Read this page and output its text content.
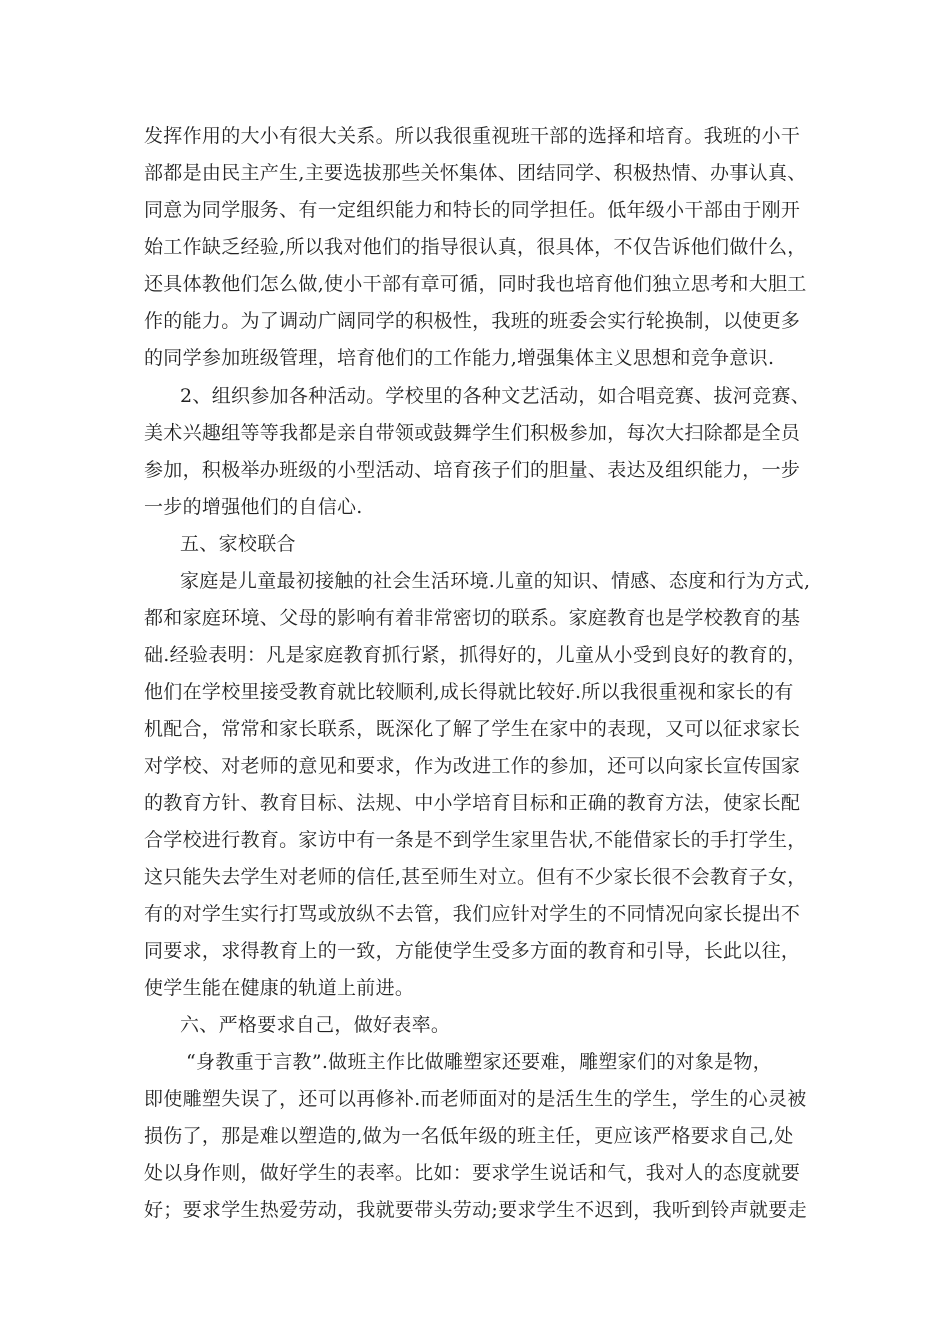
发挥作用的大小有很大关系。所以我很重视班干部的选择和培育。我班的小干
部都是由民主产生,主要选拔那些关怀集体、团结同学、积极热情、办事认真、
同意为同学服务、有一定组织能力和特长的同学担任。低年级小干部由于刚开
始工作缺乏经验,所以我对他们的指导很认真，很具体，不仅告诉他们做什么，
还具体教他们怎么做,使小干部有章可循，同时我也培育他们独立思考和大胆工
作的能力。为了调动广阔同学的积极性，我班的班委会实行轮换制，以使更多
的同学参加班级管理，培育他们的工作能力,增强集体主义思想和竞争意识.
2、组织参加各种活动。学校里的各种文艺活动，如合唱竞赛、拔河竞赛、
美术兴趣组等等我都是亲自带领或鼓舞学生们积极参加，每次大扫除都是全员
参加，积极举办班级的小型活动、培育孩子们的胆量、表达及组织能力，一步
一步的增强他们的自信心.
五、家校联合
家庭是儿童最初接触的社会生活环境.儿童的知识、情感、态度和行为方式,
都和家庭环境、父母的影响有着非常密切的联系。家庭教育也是学校教育的基
础.经验表明：凡是家庭教育抓行紧，抓得好的，儿童从小受到良好的教育的，
他们在学校里接受教育就比较顺利,成长得就比较好.所以我很重视和家长的有
机配合，常常和家长联系，既深化了解了学生在家中的表现，又可以征求家长
对学校、对老师的意见和要求，作为改进工作的参加，还可以向家长宣传国家
的教育方针、教育目标、法规、中小学培育目标和正确的教育方法，使家长配
合学校进行教育。家访中有一条是不到学生家里告状,不能借家长的手打学生，
这只能失去学生对老师的信任,甚至师生对立。但有不少家长很不会教育子女，
有的对学生实行打骂或放纵不去管，我们应针对学生的不同情况向家长提出不
同要求，求得教育上的一致，方能使学生受多方面的教育和引导，长此以往，
使学生能在健康的轨道上前进。
六、严格要求自己，做好表率。
“身教重于言教”.做班主作比做雕塑家还要难，雕塑家们的对象是物，
即使雕塑失误了，还可以再修补.而老师面对的是活生生的学生，学生的心灵被
损伤了，那是难以塑造的,做为一名低年级的班主任，更应该严格要求自己,处
处以身作则，做好学生的表率。比如：要求学生说话和气，我对人的态度就要
好；要求学生热爱劳动，我就要带头劳动;要求学生不迟到，我听到铃声就要走
